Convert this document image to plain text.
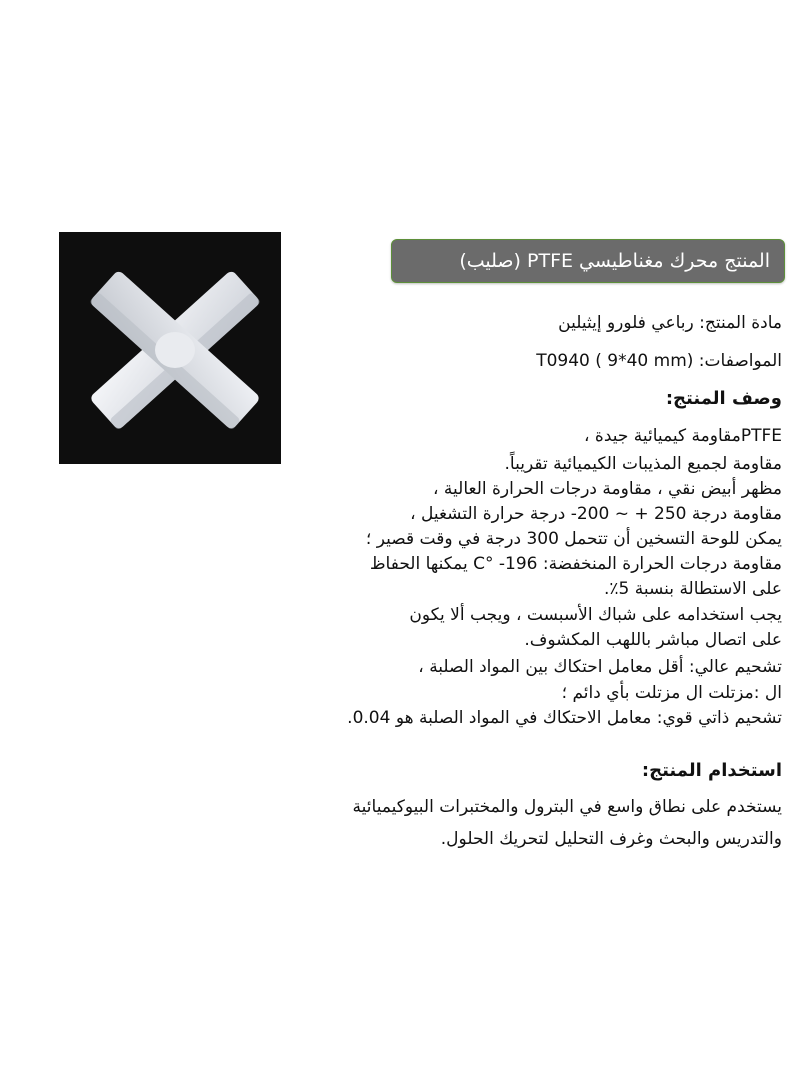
المنتج محرك مغناطيسي PTFE (صليب)
مادة المنتج: رباعي فلورو إيثيلين
المواصفات: T0940 ( 9*40 mm)
وصف المنتج:
PTFEمقاومة كيميائية جيدة ،
مقاومة لجميع المذيبات الكيميائية تقريباً.
مظهر أبيض نقي ، مقاومة درجات الحرارة العالية ،
مقاومة درجة 250 + ~ 200- درجة حرارة التشغيل ،
يمكن للوحة التسخين أن تتحمل 300 درجة في وقت قصير ؛
مقاومة درجات الحرارة المنخفضة: 196- °C يمكنها الحفاظ
على الاستطالة بنسبة 5٪.
يجب استخدامه على شباك الأسبست ، ويجب ألا يكون
على اتصال مباشر باللهب المكشوف.
تشحيم عالي: أقل معامل احتكاك بين المواد الصلبة ،
ال :مزتلت ال مزتلت بأي دائم ؛
تشحيم ذاتي قوي: معامل الاحتكاك في المواد الصلبة هو 0.04.
استخدام المنتج:
يستخدم على نطاق واسع في البترول والمختبرات البيوكيميائية
والتدريس والبحث وغرف التحليل لتحريك الحلول.
